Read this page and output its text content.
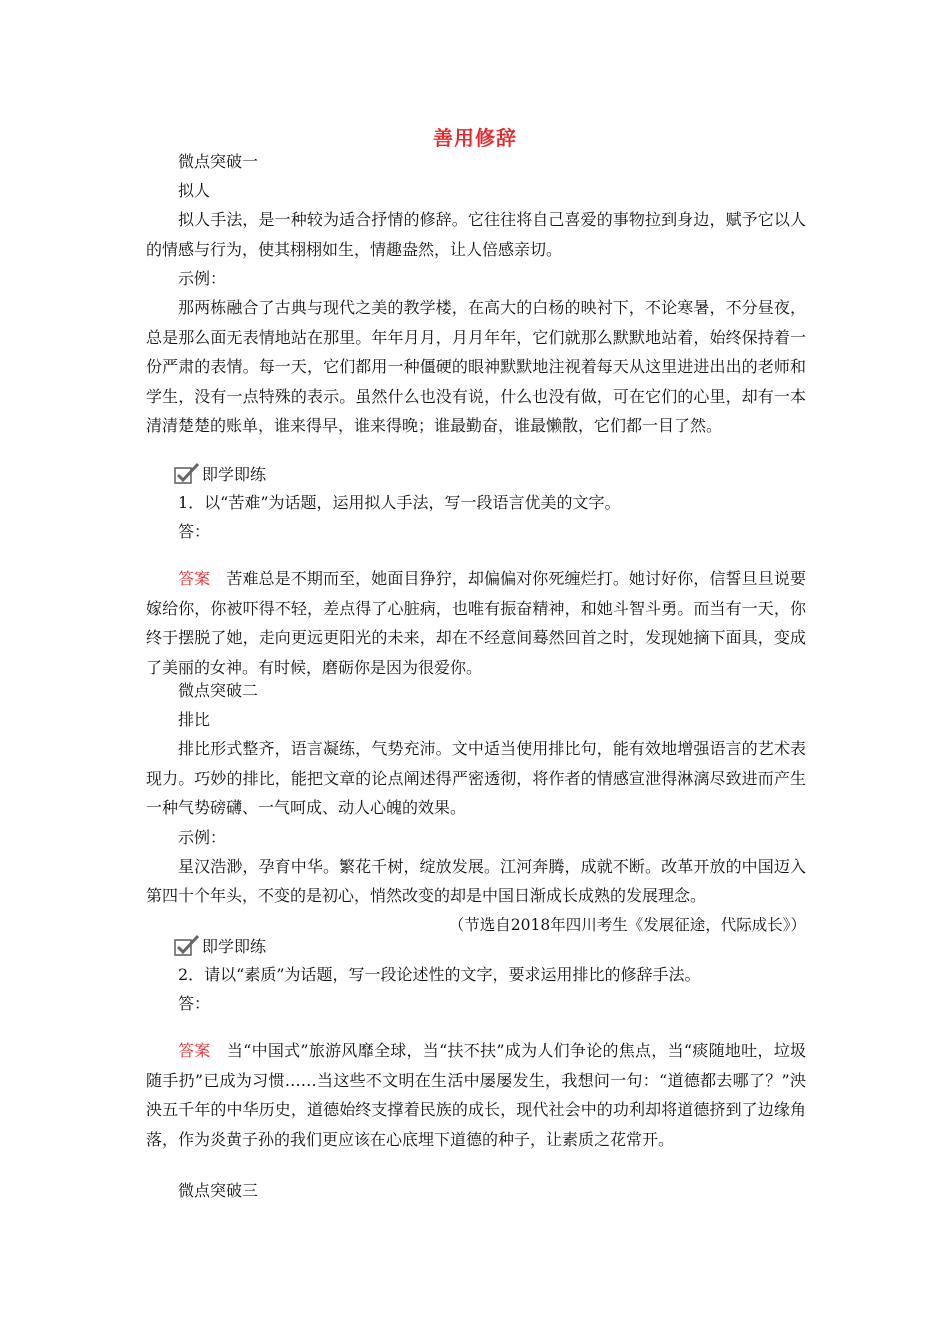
善用修辞
微点突破一
拟人

拟人手法，是一种较为适合抒情的修辞。它往往将自己喜爱的事物拉到身边，赋予它以人的情感与行为，使其栩栩如生，情趣盎然，让人倍感亲切。

示例：

那两栋融合了古典与现代之美的教学楼，在高大的白杨的映衬下，不论寒暑，不分昼夜，总是那么面无表情地站在那里。年年月月，月月年年，它们就那么默默地站着，始终保持着一份严肃的表情。每一天，它们都用一种僵硬的眼神默默地注视着每天从这里进进出出的老师和学生，没有一点特殊的表示。虽然什么也没有说，什么也没有做，可在它们的心里，却有一本清清楚楚的账单，谁来得早，谁来得晚；谁最勤奋，谁最懒散，它们都一目了然。

即学即练
1．以“苦难”为话题，运用拟人手法，写一段语言优美的文字。
答：

答案　 苦难总是不期而至，她面目狰狞，却偏偏对你死缠烂打。她讨好你，信誓旦旦说要嫁给你，你被吓得不轻，差点得了心脏病，也唯有振奋精神，和她斗智斗勇。而当有一天，你终于摆脱了她，走向更远更阳光的未来，却在不经意间蓦然回首之时，发现她摘下面具，变成了美丽的女神。有时候，磨砺你是因为很爱你。

微点突破二
排比

排比形式整齐，语言凝练，气势充沛。文中适当使用排比句，能有效地增强语言的艺术表现力。巧妙的排比，能把文章的论点阐述得严密透彻，将作者的情感宣泄得淋漓尽致进而产生一种气势磅礴、一气呵成、动人心魄的效果。

示例：

星汉浩渺，孕育中华。繁花千树，绽放发展。江河奔腾，成就不断。改革开放的中国迈入第四十个年头，不变的是初心，悄然改变的却是中国日渐成长成熟的发展理念。

（节选自2018年四川考生《发展征途，代际成长》）
即学即练
2．请以“素质”为话题，写一段论述性的文字，要求运用排比的修辞手法。
答：

答案　 当“中国式”旅游风靡全球，当“扶不扶”成为人们争论的焦点，当“痰随地吐，垃圾随手扔”已成为习惯……当这些不文明在生活中屡屡发生，我想问一句：“道德都去哪了？”泱泱五千年的中华历史，道德始终支撑着民族的成长，现代社会中的功利却将道德挤到了边缘角落，作为炎黄子孙的我们更应该在心底埋下道德的种子，让素质之花常开。

微点突破三
